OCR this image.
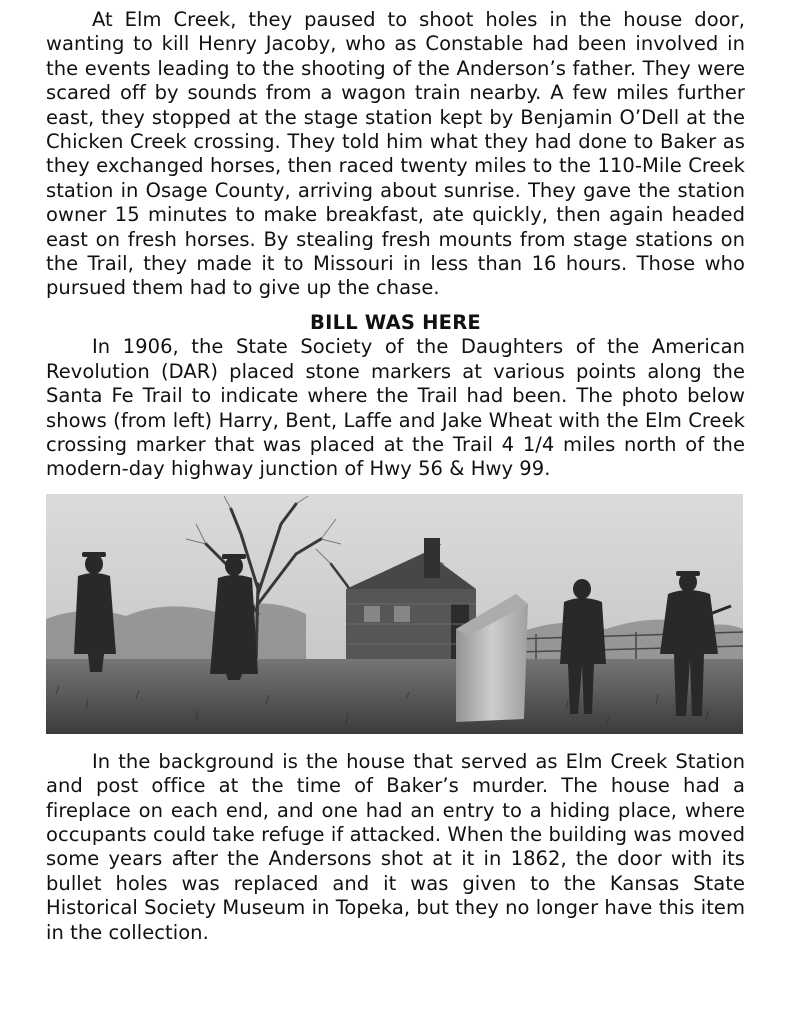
At Elm Creek, they paused to shoot holes in the house door, wanting to kill Henry Jacoby, who as Constable had been involved in the events leading to the shooting of the Anderson’s father. They were scared off by sounds from a wagon train nearby. A few miles further east, they stopped at the stage station kept by Benjamin O’Dell at the Chicken Creek crossing. They told him what they had done to Baker as they exchanged horses, then raced twenty miles to the 110-Mile Creek station in Osage County, arriving about sunrise. They gave the station owner 15 minutes to make breakfast, ate quickly, then again headed east on fresh horses. By stealing fresh mounts from stage stations on the Trail, they made it to Missouri in less than 16 hours. Those who pursued them had to give up the chase.

BILL WAS HERE

In 1906, the State Society of the Daughters of the American Revolution (DAR) placed stone markers at various points along the Santa Fe Trail to indicate where the Trail had been. The photo below shows (from left) Harry, Bent, Laffe and Jake Wheat with the Elm Creek crossing marker that was placed at the Trail 4 1/4 miles north of the modern-day highway junction of Hwy 56 & Hwy 99.

In the background is the house that served as Elm Creek Station and post office at the time of Baker’s murder. The house had a fireplace on each end, and one had an entry to a hiding place, where occupants could take refuge if attacked. When the building was moved some years after the Andersons shot at it in 1862, the door with its bullet holes was replaced and it was given to the Kansas State Historical Society Museum in Topeka, but they no longer have this item in the collection.
